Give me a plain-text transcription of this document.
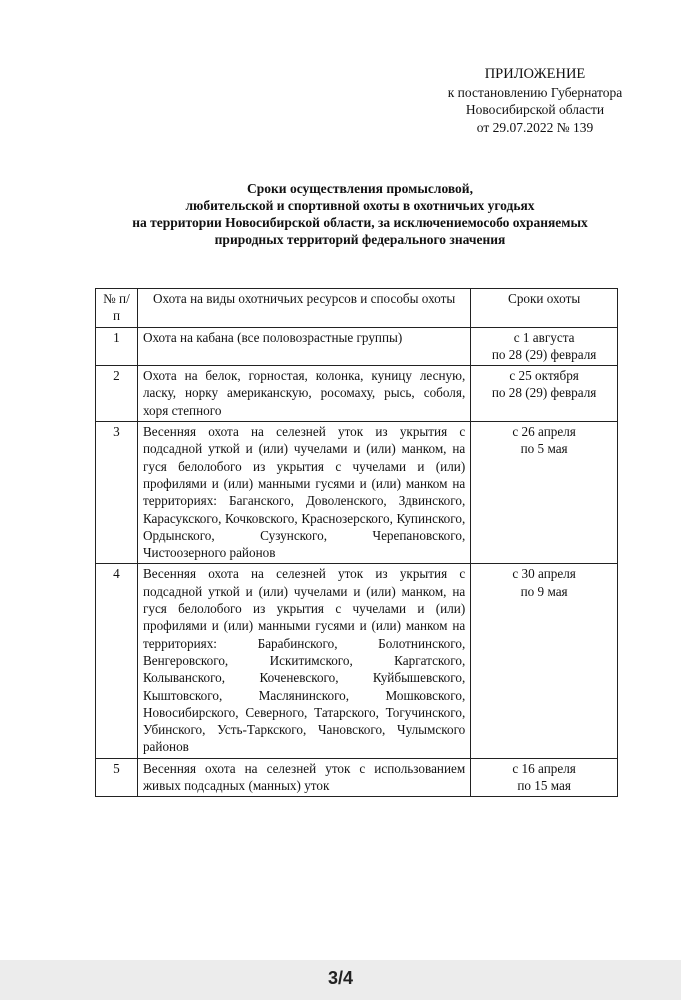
ПРИЛОЖЕНИЕ
к постановлению Губернатора
Новосибирской области
от 29.07.2022 № 139
Сроки осуществления промысловой,
любительской и спортивной охоты в охотничьих угодьях
на территории Новосибирской области, за исключениемособо охраняемых
природных территорий федерального значения
№ п/п	Охота на виды охотничьих ресурсов и способы охоты	Сроки охоты
1	Охота на кабана (все половозрастные группы)	с 1 августа
по 28 (29) февраля

2	Охота на белок, горностая, колонка, куницу лесную, ласку, норку американскую, росомаху, рысь, соболя, хоря степного	с 25 октября
по 28 (29) февраля

3	Весенняя охота на селезней уток из укрытия с подсадной уткой и (или) чучелами и (или) манком, на гуся белолобого из укрытия с чучелами и (или) профилями и (или) манными гусями и (или) манком на территориях: Баганского, Доволенского, Здвинского, Карасукского, Кочковского, Краснозерского, Купинского, Ордынского, Сузунского, Черепановского, Чистоозерного районов	с 26 апреля
по 5 мая

4	Весенняя охота на селезней уток из укрытия с подсадной уткой и (или) чучелами и (или) манком, на гуся белолобого из укрытия с чучелами и (или) профилями и (или) манными гусями и (или) манком на территориях: Барабинского, Болотнинского, Венгеровского, Искитимского, Каргатского, Колыванского, Коченевского, Куйбышевского, Кыштовского, Маслянинского, Мошковского, Новосибирского, Северного, Татарского, Тогучинского, Убинского, Усть-Таркского, Чановского, Чулымского районов	с 30 апреля
по 9 мая

5	Весенняя охота на селезней уток с использованием живых подсадных (манных) уток	с 16 апреля
по 15 мая
3/4
